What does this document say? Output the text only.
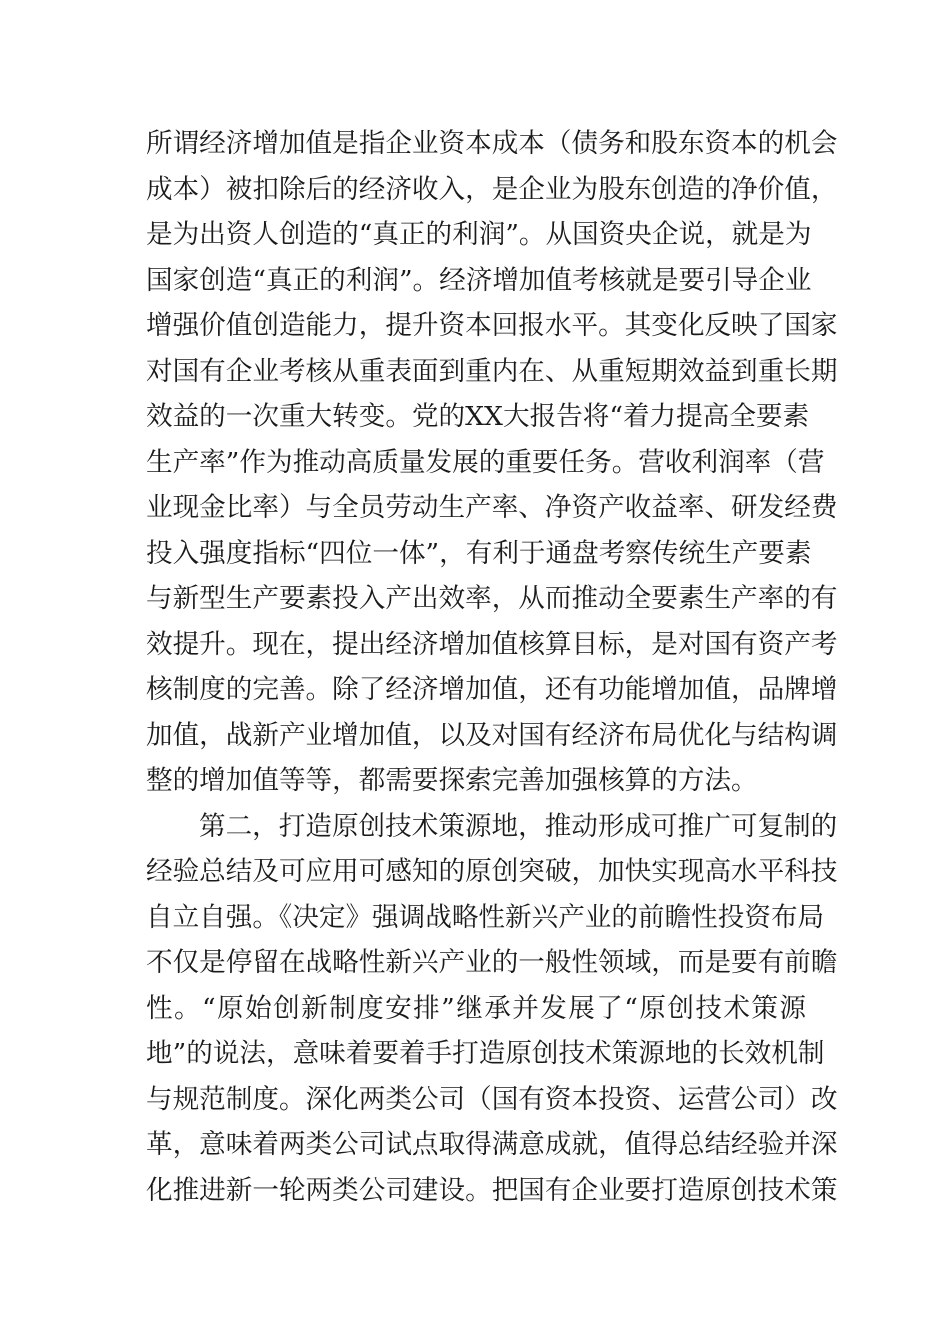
所谓经济增加值是指企业资本成本（债务和股东资本的机会
成本）被扣除后的经济收入，是企业为股东创造的净价值，
是为出资人创造的“真正的利润”。从国资央企说，就是为
国家创造“真正的利润”。经济增加值考核就是要引导企业
增强价值创造能力，提升资本回报水平。其变化反映了国家
对国有企业考核从重表面到重内在、从重短期效益到重长期
效益的一次重大转变。党的XX大报告将“着力提高全要素
生产率”作为推动高质量发展的重要任务。营收利润率（营
业现金比率）与全员劳动生产率、净资产收益率、研发经费
投入强度指标“四位一体”，有利于通盘考察传统生产要素
与新型生产要素投入产出效率，从而推动全要素生产率的有
效提升。现在，提出经济增加值核算目标，是对国有资产考
核制度的完善。除了经济增加值，还有功能增加值，品牌增
加值，战新产业增加值，以及对国有经济布局优化与结构调
整的增加值等等，都需要探索完善加强核算的方法。
第二，打造原创技术策源地，推动形成可推广可复制的
经验总结及可应用可感知的原创突破，加快实现高水平科技
自立自强。《决定》强调战略性新兴产业的前瞻性投资布局
不仅是停留在战略性新兴产业的一般性领域，而是要有前瞻
性。“原始创新制度安排”继承并发展了“原创技术策源
地”的说法，意味着要着手打造原创技术策源地的长效机制
与规范制度。深化两类公司（国有资本投资、运营公司）改
革，意味着两类公司试点取得满意成就，值得总结经验并深
化推进新一轮两类公司建设。把国有企业要打造原创技术策
